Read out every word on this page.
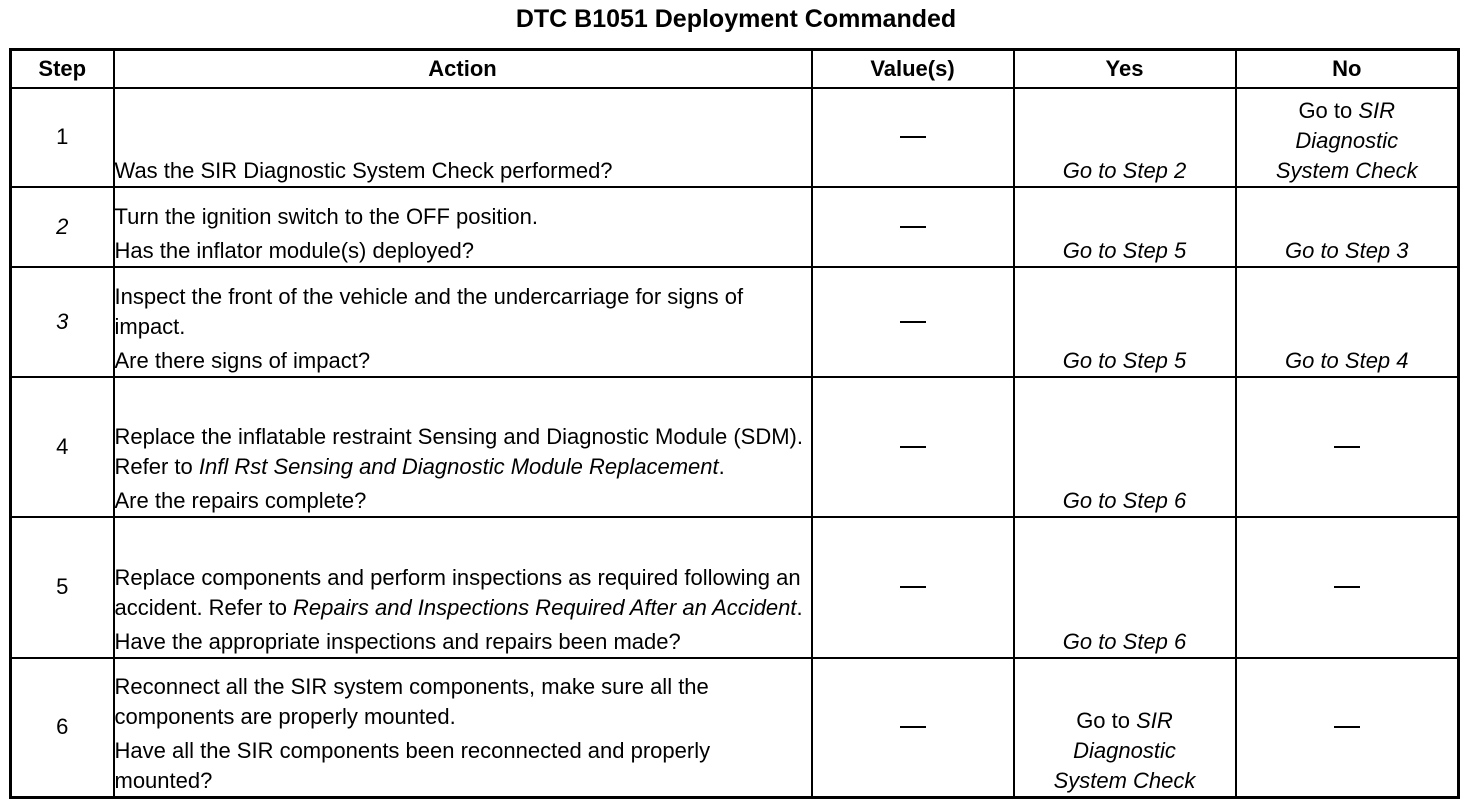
DTC B1051 Deployment Commanded
Step	Action	Value(s)	Yes	No
1	Was the SIR Diagnostic System Check performed?		Go to Step 2	Go to SIR
Diagnostic
System Check

2	Turn the ignition switch to the OFF position.
Has the inflator module(s) deployed?		Go to Step 5	Go to Step 3

3	Inspect the front of the vehicle and the undercarriage for signs of impact.
Are there signs of impact?		Go to Step 5	Go to Step 4

4	Replace the inflatable restraint Sensing and Diagnostic Module (SDM). Refer to Infl Rst Sensing and Diagnostic Module Replacement.
Are the repairs complete?		Go to Step 6	

5	Replace components and perform inspections as required following an accident. Refer to Repairs and Inspections Required After an Accident.
Have the appropriate inspections and repairs been made?		Go to Step 6	

6	Reconnect all the SIR system components, make sure all the components are properly mounted.
Have all the SIR components been reconnected and properly mounted?		Go to SIR
Diagnostic
System Check	
